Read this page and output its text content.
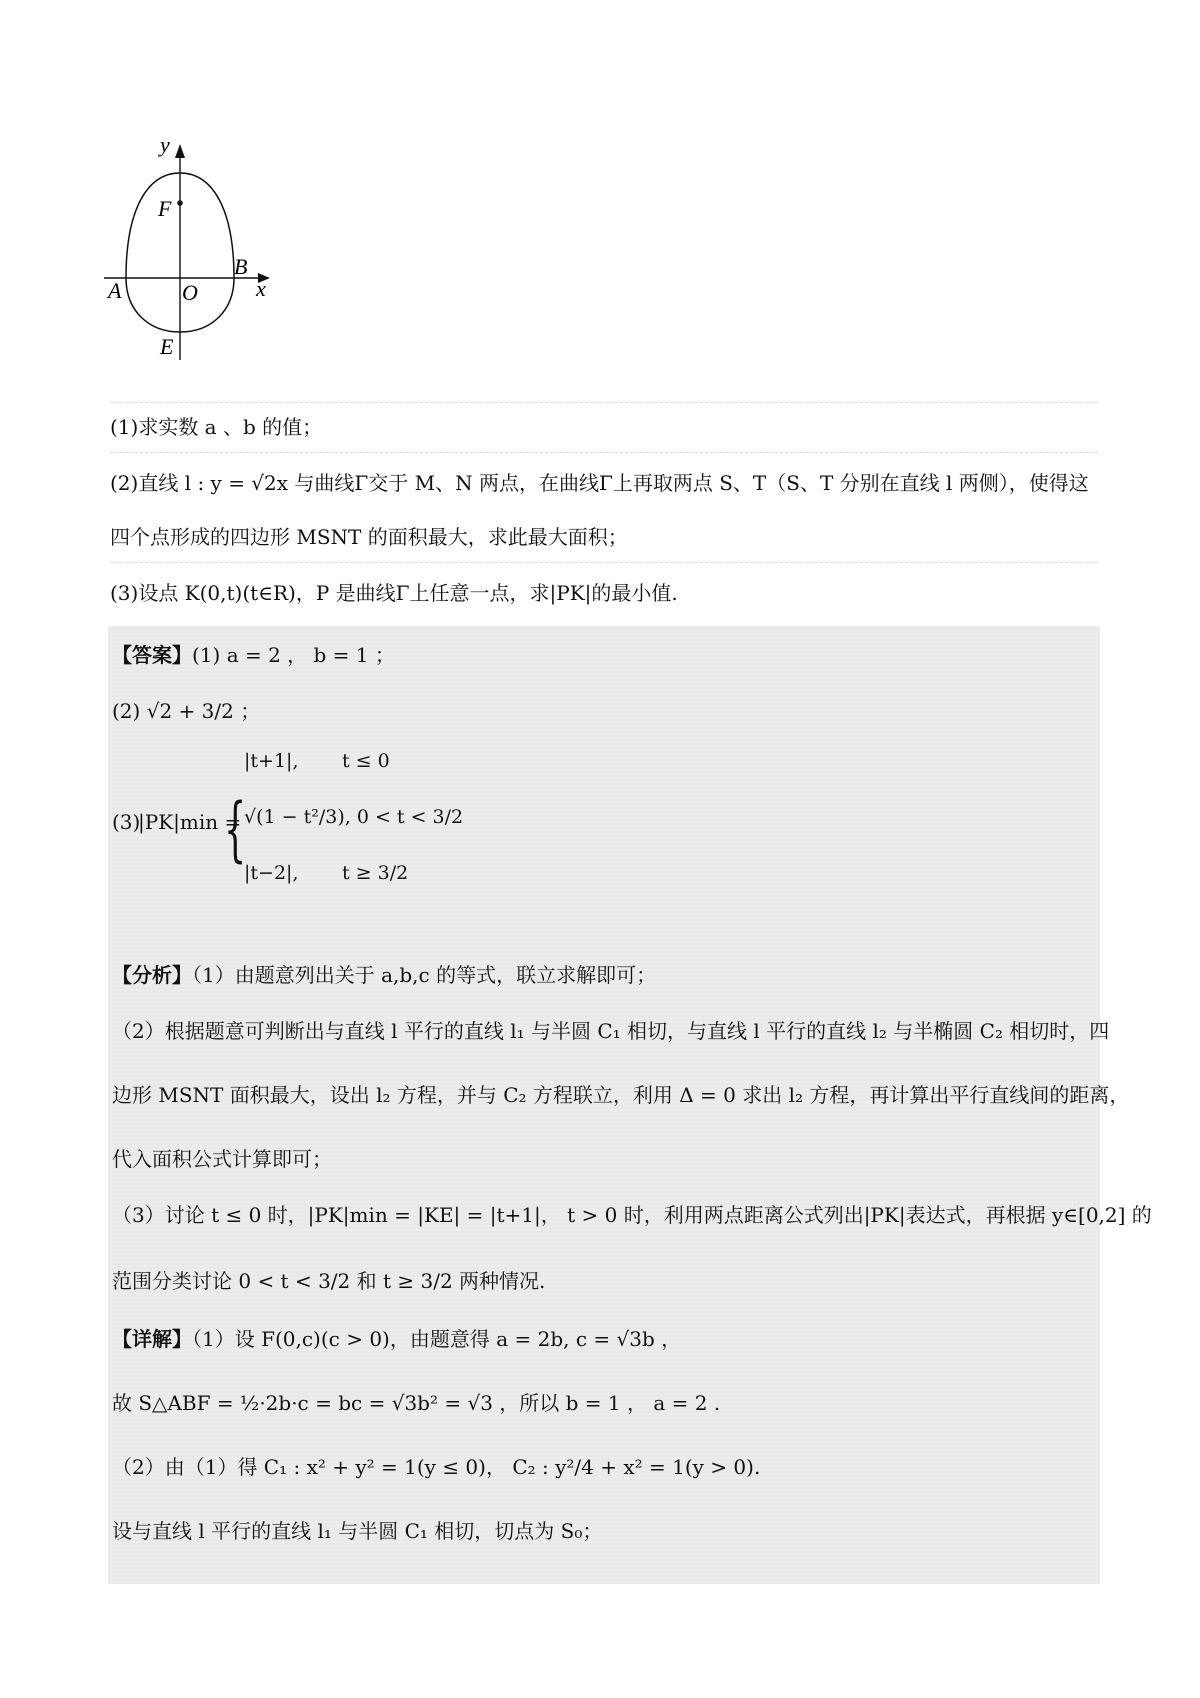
y
x
F
B
A	O
E
(1)求实数 a 、b 的值；
(2)直线 l : y = √2x 与曲线Γ交于 M、N 两点，在曲线Γ上再取两点 S、T（S、T 分别在直线 l 两侧），使得这
四个点形成的四边形 MSNT 的面积最大，求此最大面积；
(3)设点 K(0,t)(t∈R)，P 是曲线Γ上任意一点，求|PK|的最小值.
【答案】(1) a = 2 ， b = 1 ；
(2) √2 + 3/2 ；
(3)
|PK|min =
{
|t+1|, t ≤ 0
√(1 − t²/3), 0 < t < 3/2
|t−2|, t ≥ 3/2
【分析】（1）由题意列出关于 a,b,c 的等式，联立求解即可；
（2）根据题意可判断出与直线 l 平行的直线 l₁ 与半圆 C₁ 相切，与直线 l 平行的直线 l₂ 与半椭圆 C₂ 相切时，四
边形 MSNT 面积最大，设出 l₂ 方程，并与 C₂ 方程联立，利用 Δ = 0 求出 l₂ 方程，再计算出平行直线间的距离，
代入面积公式计算即可；
（3）讨论 t ≤ 0 时，|PK|min = |KE| = |t+1|， t > 0 时，利用两点距离公式列出|PK|表达式，再根据 y∈[0,2] 的
范围分类讨论 0 < t < 3/2 和 t ≥ 3/2 两种情况.
【详解】（1）设 F(0,c)(c > 0)，由题意得 a = 2b, c = √3b ，
故 S△ABF = ½·2b·c = bc = √3b² = √3 ，所以 b = 1 ， a = 2 .
（2）由（1）得 C₁ : x² + y² = 1(y ≤ 0)， C₂ : y²/4 + x² = 1(y > 0).
设与直线 l 平行的直线 l₁ 与半圆 C₁ 相切，切点为 S₀；
